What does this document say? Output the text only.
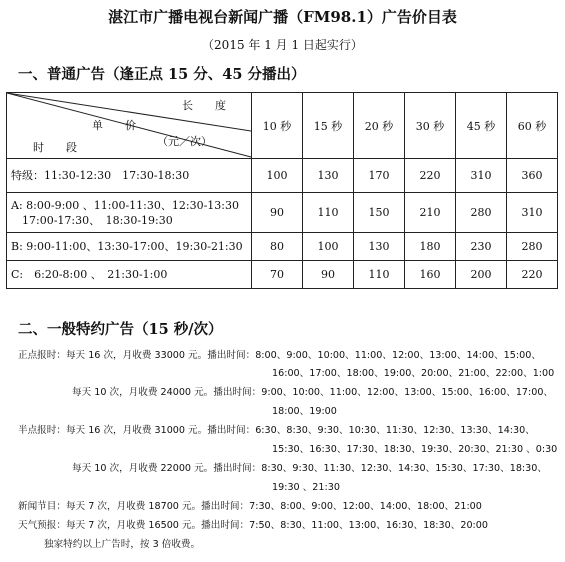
湛江市广播电视台新闻广播（FM98.1）广告价目表
（2015 年 1 月 1 日起实行）
一、普通广告（逢正点 15 分、45 分播出）
长　　度
单　　价
（元／次）
时　　段	10 秒	15 秒	20 秒	30 秒	45 秒	60 秒
特级：11:30-12:30　17:30-18:30	100	130	170	220	310	360

A: 8:00-9:00 、11:00-11:30、12:30-13:30
　17:00-17:30、　18:30-19:30	90	110	150	210	280	310
B: 9:00-11:00、13:30-17:00、19:30-21:30	80	100	130	180	230	280
C:　6:20-8:00 、　21:30-1:00	70	90	110	160	200	220
二、一般特约广告（15 秒/次）
正点报时：每天 16 次，月收费 33000 元。播出时间：8:00、9:00、10:00、11:00、12:00、13:00、14:00、15:00、
16:00、17:00、18:00、19:00、20:00、21:00、22:00、1:00
每天 10 次，月收费 24000 元。播出时间：9:00、10:00、11:00、12:00、13:00、15:00、16:00、17:00、
18:00、19:00
半点报时：每天 16 次，月收费 31000 元。播出时间：6:30、8:30、9:30、10:30、11:30、12:30、13:30、14:30、
15:30、16:30、17:30、18:30、19:30、20:30、21:30 、0:30
每天 10 次，月收费 22000 元。播出时间：8:30、9:30、11:30、12:30、14:30、15:30、17:30、18:30、
19:30 、21:30
新闻节目：每天 7 次，月收费 18700 元。播出时间：7:30、8:00、9:00、12:00、14:00、18:00、21:00
天气预报：每天 7 次，月收费 16500 元。播出时间：7:50、8:30、11:00、13:00、16:30、18:30、20:00
独家特约以上广告时，按 3 倍收费。
